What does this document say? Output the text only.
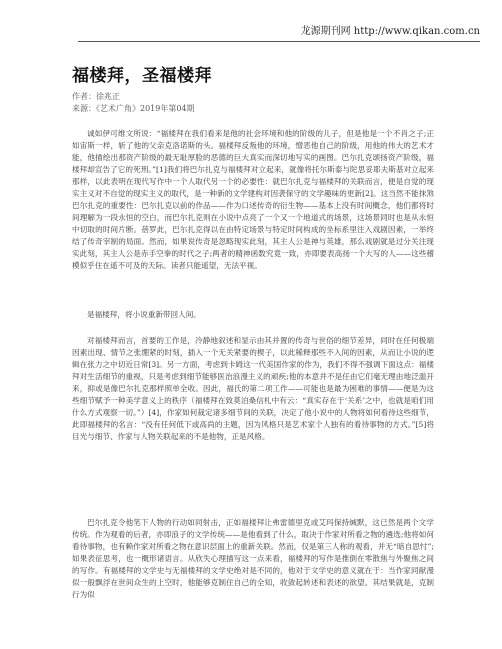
龙源期刊网 http://www.qikan.com.cn
福楼拜，圣福楼拜
作者：徐兆正
来源：《艺术广角》2019年第04期
诚如伊可维文所说：“福楼拜在我们看来是他的社会环境和他的阶级的儿子，但是他是一个不肖之子;正如宙斯一样，斩了他的父亲克洛诺斯的头。福楼拜反叛他的环境，憎恶他自己的阶级，用他的伟大的艺术才能，他描绘出那资产阶级的最无耻厚脸的恶德的巨大真实而深切地写实的画图。巴尔扎克颂扬资产阶级，福楼拜却宣告了它的死刑。”[1]我们将巴尔扎克与福楼拜对立起来，就像将托尔斯泰与陀思妥耶夫斯基对立起来那样，以此表明在现代写作中一个人取代另一个的必要性：就巴尔扎克与福楼拜的关联而言，便是自觉的现实主义对不自觉的现实主义的取代，是一种新的文学建构对因袭保守的文学趣味的更新[2]。这当然不能抹煞巴尔扎克的重要性：巴尔扎克以前的作品——作为口述传奇的衍生物——基本上没有时间概念，他们都将时间理解为一段永恒的空白，而巴尔扎克则在小说中点亮了一个又一个地道式的场景，这场景同时也是从永恒中切取的时间片断。蓓罗此，巴尔扎克得以在由特定场景与特定时间构成的坐标系里注入戏剧因素，一举终结了传奇宰制的局面。然而，如果说传奇是忽略现实此刻，其主人公是神与英雄，那么戏剧就是过分关注现实此刻，其主人公是赤手空拳的时代之子;两者的精神函数究竟一致，亦即要表高扬一个大写的人——这些稽模似乎住在遥不可及的天际。读者只能遥望，无法平视。
是福楼拜，将小说重新带回人间。
对福楼拜而言，首要的工作是，冷静地叙述和显示由其并置的传奇与世俗的细节差异，同时在任何极端因素出现、情节之张绷紧的时刻，插入一个无关紧要的楔子，以此稀释那些不入间的因素，从而让小说的逻辑在张力之中切近日常[3]。另一方面，考虑到卡姆这一代美国作家的作为，我们不得不强调下面这点：福楼拜对生活细节的重视，只是考虑到细节能够医治浪漫主义的顽疾;他的本意并不是任由它们毫无理由地泛滥开来，抑或是像巴尔扎克那样照单全收。因此，福氏的第二项工作——可能也是最为困难的事情——便是为这些细节赋予一种美学意义上的秩序（福楼拜在致莫泊桑信札中有云：“真实存在于‘关系’之中，也就是咱们用什么方式观察一切。”）[4]，作家如何裁定诸多细节间的关联，决定了他小说中的人物将如何看待这些细节，此即福楼拜的名言：“没有任何低下或高尚的主题，因为风格只是艺术家个人独有的看待事物的方式。”[5]将目光与细节、作家与人物关联起来的不是他物，正是风格。
巴尔扎克令他笔下人物的行动如同射击，正如福楼拜让弗雷德里克或艾玛保持缄默，这已然是两个文学传统。作为观看的后者，亦即浪子的文学传统——是他看到了什么，取决于作家对所看之物的遴选;他将如何看待事物，也有赖作家对所看之物在意识层面上的重新关联。然而，仅是第三人称的观看，并无“暗自思忖”;如果表征思考，也一概形诸语言。从欣失心理描写这一点来看，福楼拜的写作是推倒在零散焦与外聚焦之间的写作。有福楼拜的文学史与无福楼拜的文学史绝对是不同的，他对于文学史的意义就在于：当作家同献漫似一般飘浮在世间众生的上空时，他能够克制住自己的全知，收敛起转述和表述的欲望。其结果就是，克制行为似
